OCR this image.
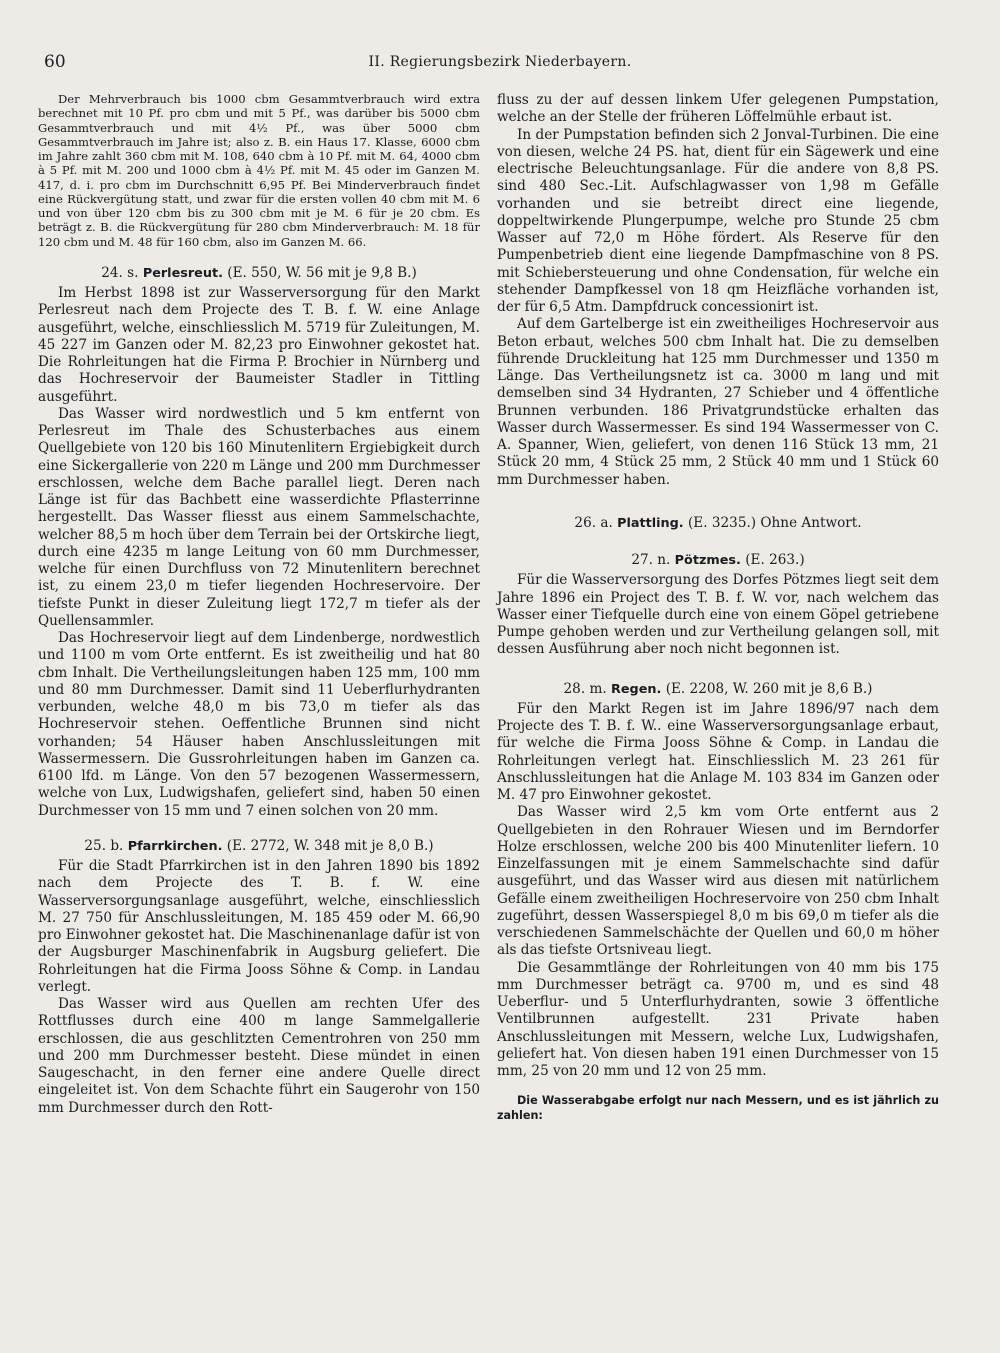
60	II. Regierungsbezirk Niederbayern.

Der Mehrverbrauch bis 1000 cbm Gesammtverbrauch wird extra berechnet mit 10 Pf. pro cbm und mit 5 Pf., was darüber bis 5000 cbm Gesammtverbrauch und mit 4½ Pf., was über 5000 cbm Gesammtverbrauch im Jahre ist; also z. B. ein Haus 17. Klasse, 6000 cbm im Jahre zahlt 360 cbm mit M. 108, 640 cbm à 10 Pf. mit M. 64, 4000 cbm à 5 Pf. mit M. 200 und 1000 cbm à 4½ Pf. mit M. 45 oder im Ganzen M. 417, d. i. pro cbm im Durchschnitt 6,95 Pf. Bei Minderverbrauch findet eine Rückvergütung statt, und zwar für die ersten vollen 40 cbm mit M. 6 und von über 120 cbm bis zu 300 cbm mit je M. 6 für je 20 cbm. Es beträgt z. B. die Rückvergütung für 280 cbm Minderverbrauch: M. 18 für 120 cbm und M. 48 für 160 cbm, also im Ganzen M. 66.

24. s. Perlesreut. (E. 550, W. 56 mit je 9,8 B.)

Im Herbst 1898 ist zur Wasserversorgung für den Markt Perlesreut nach dem Projecte des T. B. f. W. eine Anlage ausgeführt, welche, einschliesslich M. 5719 für Zuleitungen, M. 45 227 im Ganzen oder M. 82,23 pro Einwohner gekostet hat. Die Rohrleitungen hat die Firma P. Brochier in Nürnberg und das Hochreservoir der Baumeister Stadler in Tittling ausgeführt.

Das Wasser wird nordwestlich und 5 km entfernt von Perlesreut im Thale des Schusterbaches aus einem Quellgebiete von 120 bis 160 Minutenlitern Ergiebigkeit durch eine Sickergallerie von 220 m Länge und 200 mm Durchmesser erschlossen, welche dem Bache parallel liegt. Deren nach Länge ist für das Bachbett eine wasserdichte Pflasterrinne hergestellt. Das Wasser fliesst aus einem Sammelschachte, welcher 88,5 m hoch über dem Terrain bei der Ortskirche liegt, durch eine 4235 m lange Leitung von 60 mm Durchmesser, welche für einen Durchfluss von 72 Minutenlitern berechnet ist, zu einem 23,0 m tiefer liegenden Hochreservoire. Der tiefste Punkt in dieser Zuleitung liegt 172,7 m tiefer als der Quellensammler.

Das Hochreservoir liegt auf dem Lindenberge, nordwestlich und 1100 m vom Orte entfernt. Es ist zweitheilig und hat 80 cbm Inhalt. Die Vertheilungsleitungen haben 125 mm, 100 mm und 80 mm Durchmesser. Damit sind 11 Ueberflurhydranten verbunden, welche 48,0 m bis 73,0 m tiefer als das Hochreservoir stehen. Oeffentliche Brunnen sind nicht vorhanden; 54 Häuser haben Anschlussleitungen mit Wassermessern. Die Gussrohrleitungen haben im Ganzen ca. 6100 lfd. m Länge. Von den 57 bezogenen Wassermessern, welche von Lux, Ludwigshafen, geliefert sind, haben 50 einen Durchmesser von 15 mm und 7 einen solchen von 20 mm.

25. b. Pfarrkirchen. (E. 2772, W. 348 mit je 8,0 B.)

Für die Stadt Pfarrkirchen ist in den Jahren 1890 bis 1892 nach dem Projecte des T. B. f. W. eine Wasserversorgungsanlage ausgeführt, welche, einschliesslich M. 27 750 für Anschlussleitungen, M. 185 459 oder M. 66,90 pro Einwohner gekostet hat. Die Maschinenanlage dafür ist von der Augsburger Maschinenfabrik in Augsburg geliefert. Die Rohrleitungen hat die Firma Jooss Söhne & Comp. in Landau verlegt.

Das Wasser wird aus Quellen am rechten Ufer des Rottflusses durch eine 400 m lange Sammelgallerie erschlossen, die aus geschlitzten Cementrohren von 250 mm und 200 mm Durchmesser besteht. Diese mündet in einen Saugeschacht, in den ferner eine andere Quelle direct eingeleitet ist. Von dem Schachte führt ein Saugerohr von 150 mm Durchmesser durch den Rott-

fluss zu der auf dessen linkem Ufer gelegenen Pumpstation, welche an der Stelle der früheren Löffelmühle erbaut ist.

In der Pumpstation befinden sich 2 Jonval-Turbinen. Die eine von diesen, welche 24 PS. hat, dient für ein Sägewerk und eine electrische Beleuchtungsanlage. Für die andere von 8,8 PS. sind 480 Sec.-Lit. Aufschlagwasser von 1,98 m Gefälle vorhanden und sie betreibt direct eine liegende, doppeltwirkende Plungerpumpe, welche pro Stunde 25 cbm Wasser auf 72,0 m Höhe fördert. Als Reserve für den Pumpenbetrieb dient eine liegende Dampfmaschine von 8 PS. mit Schiebersteuerung und ohne Condensation, für welche ein stehender Dampfkessel von 18 qm Heizfläche vorhanden ist, der für 6,5 Atm. Dampfdruck concessionirt ist.

Auf dem Gartelberge ist ein zweitheiliges Hochreservoir aus Beton erbaut, welches 500 cbm Inhalt hat. Die zu demselben führende Druckleitung hat 125 mm Durchmesser und 1350 m Länge. Das Vertheilungsnetz ist ca. 3000 m lang und mit demselben sind 34 Hydranten, 27 Schieber und 4 öffentliche Brunnen verbunden. 186 Privatgrundstücke erhalten das Wasser durch Wassermesser. Es sind 194 Wassermesser von C. A. Spanner, Wien, geliefert, von denen 116 Stück 13 mm, 21 Stück 20 mm, 4 Stück 25 mm, 2 Stück 40 mm und 1 Stück 60 mm Durchmesser haben.

26. a. Plattling. (E. 3235.) Ohne Antwort.
27. n. Pötzmes. (E. 263.)

Für die Wasserversorgung des Dorfes Pötzmes liegt seit dem Jahre 1896 ein Project des T. B. f. W. vor, nach welchem das Wasser einer Tiefquelle durch eine von einem Göpel getriebene Pumpe gehoben werden und zur Vertheilung gelangen soll, mit dessen Ausführung aber noch nicht begonnen ist.

28. m. Regen. (E. 2208, W. 260 mit je 8,6 B.)

Für den Markt Regen ist im Jahre 1896/97 nach dem Projecte des T. B. f. W.. eine Wasserversorgungsanlage erbaut, für welche die Firma Jooss Söhne & Comp. in Landau die Rohrleitungen verlegt hat. Einschliesslich M. 23 261 für Anschlussleitungen hat die Anlage M. 103 834 im Ganzen oder M. 47 pro Einwohner gekostet.

Das Wasser wird 2,5 km vom Orte entfernt aus 2 Quellgebieten in den Rohrauer Wiesen und im Berndorfer Holze erschlossen, welche 200 bis 400 Minutenliter liefern. 10 Einzelfassungen mit je einem Sammelschachte sind dafür ausgeführt, und das Wasser wird aus diesen mit natürlichem Gefälle einem zweitheiligen Hochreservoire von 250 cbm Inhalt zugeführt, dessen Wasserspiegel 8,0 m bis 69,0 m tiefer als die verschiedenen Sammelschächte der Quellen und 60,0 m höher als das tiefste Ortsniveau liegt.

Die Gesammtlänge der Rohrleitungen von 40 mm bis 175 mm Durchmesser beträgt ca. 9700 m, und es sind 48 Ueberflur- und 5 Unterflurhydranten, sowie 3 öffentliche Ventilbrunnen aufgestellt. 231 Private haben Anschlussleitungen mit Messern, welche Lux, Ludwigshafen, geliefert hat. Von diesen haben 191 einen Durchmesser von 15 mm, 25 von 20 mm und 12 von 25 mm.

Die Wasserabgabe erfolgt nur nach Messern, und es ist jährlich zu zahlen:
